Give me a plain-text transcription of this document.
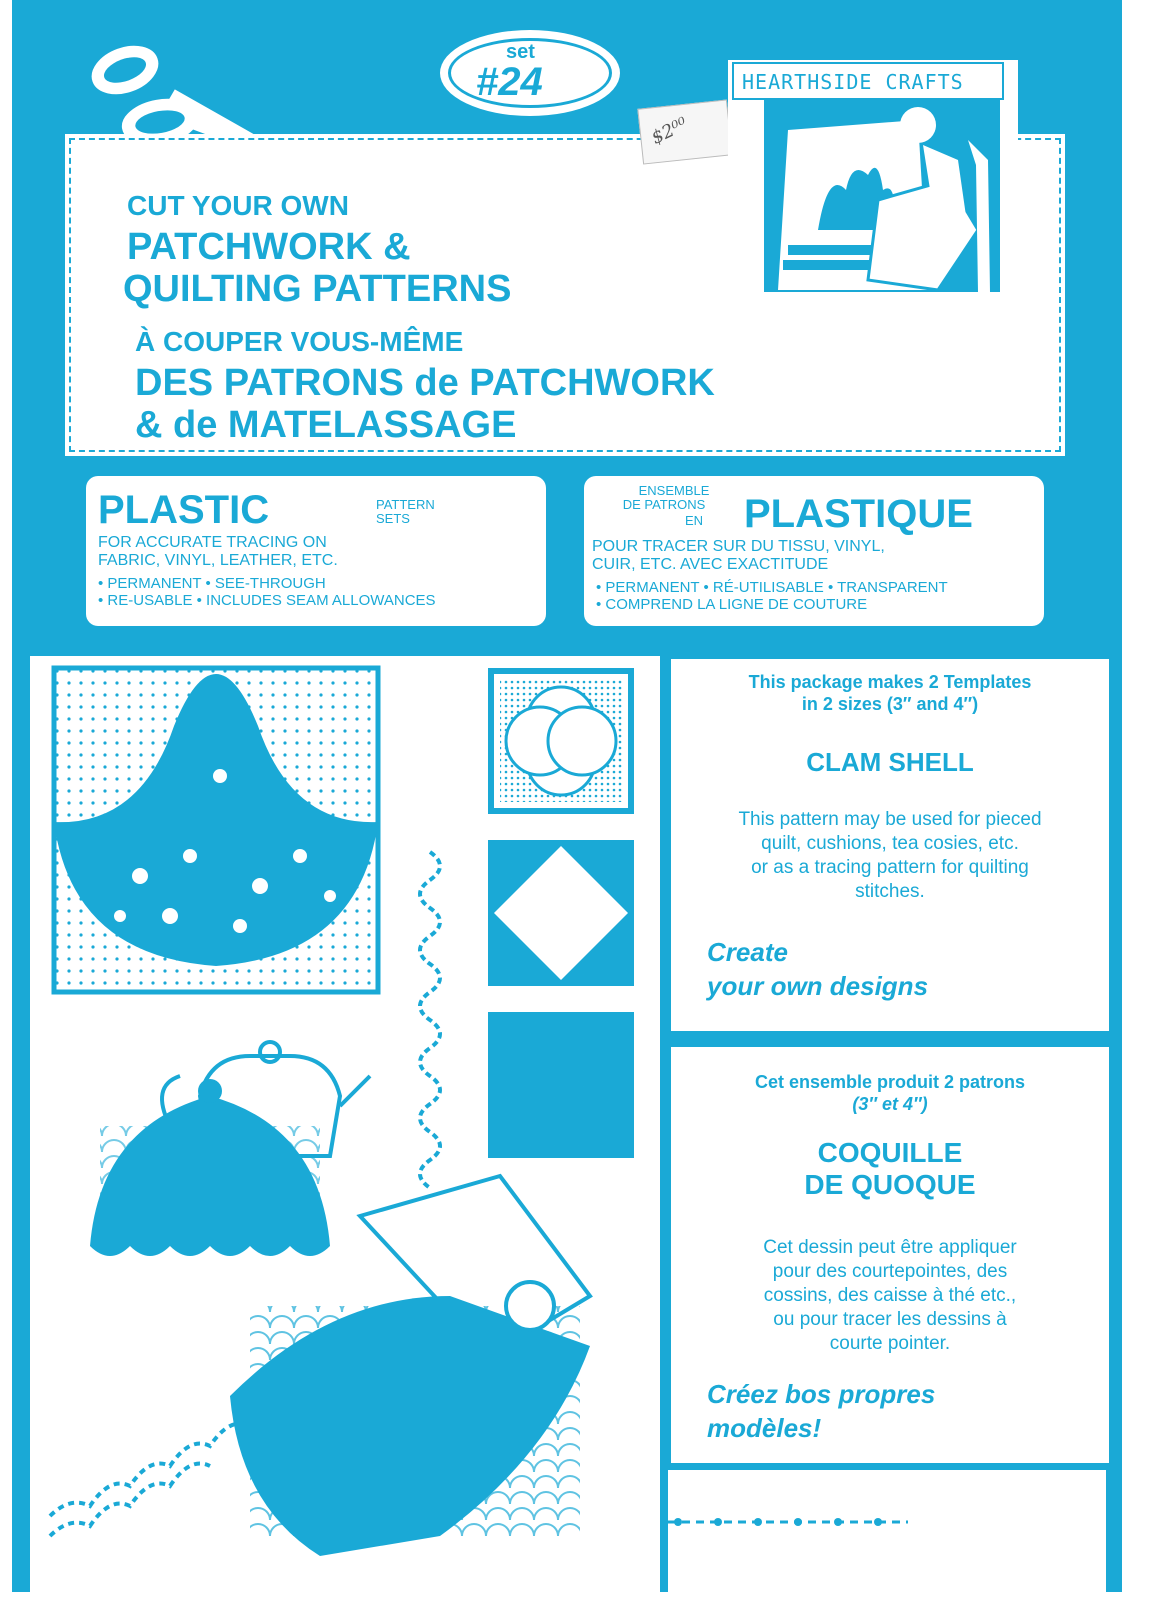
set
#24
CUT YOUR OWN
PATCHWORK &
QUILTING PATTERNS
À COUPER VOUS-MÊME
DES PATRONS de PATCHWORK
& de MATELASSAGE
$2⁰⁰
HEARTHSIDE CRAFTS
PLASTIC	PATTERN
SETS
FOR ACCURATE TRACING ON
FABRIC, VINYL, LEATHER, ETC.
• PERMANENT • SEE-THROUGH
• RE-USABLE • INCLUDES SEAM ALLOWANCES
ENSEMBLE
DE PATRONS
EN	PLASTIQUE
POUR TRACER SUR DU TISSU, VINYL,
CUIR, ETC. AVEC EXACTITUDE
• PERMANENT • RÉ-UTILISABLE • TRANSPARENT
• COMPREND LA LIGNE DE COUTURE
This package makes 2 Templates
in 2 sizes (3″ and 4″)
CLAM SHELL
This pattern may be used for pieced
quilt, cushions, tea cosies, etc.
or as a tracing pattern for quilting
stitches.
Create
your own designs
Cet ensemble produit 2 patrons
(3″ et 4″)
COQUILLE
DE QUOQUE
Cet dessin peut être appliquer
pour des courtepointes, des
cossins, des caisse à thé etc.,
ou pour tracer les dessins à
courte pointer.
Créez bos propres
modèles!
